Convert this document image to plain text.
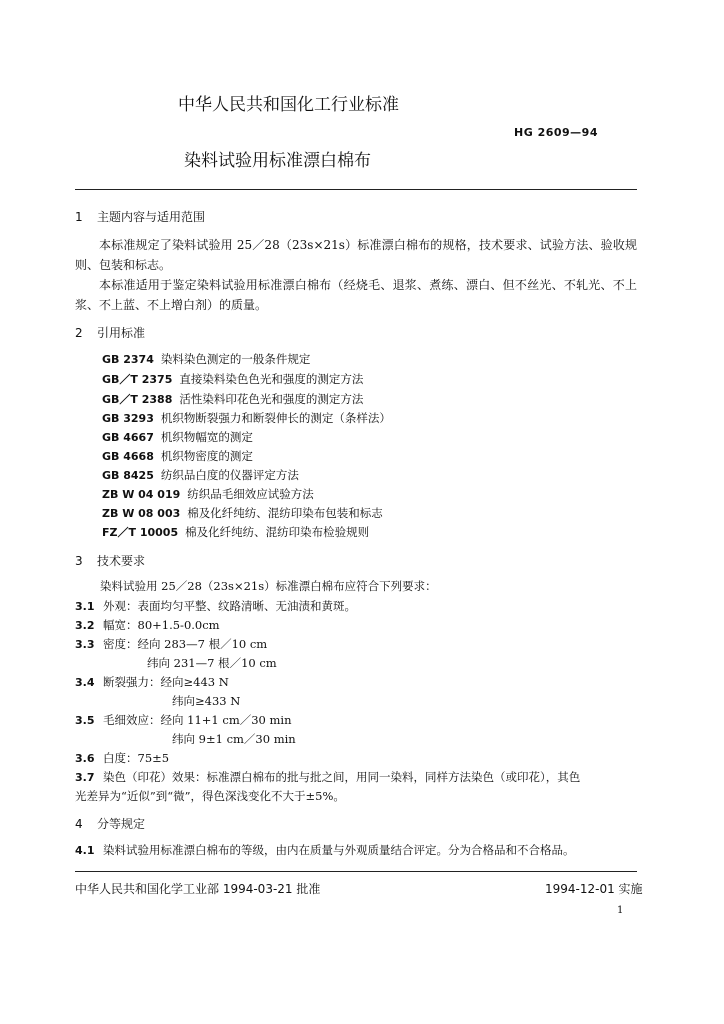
中华人民共和国化工行业标准
HG 2609—94
染料试验用标准漂白棉布
1 主题内容与适用范围
本标准规定了染料试验用 25／28（23s×21s）标准漂白棉布的规格，技术要求、试验方法、验收规则、包装和标志。
本标准适用于鉴定染料试验用标准漂白棉布（经烧毛、退浆、煮练、漂白、但不丝光、不轧光、不上浆、不上蓝、不上增白剂）的质量。
2 引用标准
GB 2374 染料染色测定的一般条件规定
GB／T 2375 直接染料染色色光和强度的测定方法
GB／T 2388 活性染料印花色光和强度的测定方法
GB 3293 机织物断裂强力和断裂伸长的测定（条样法）
GB 4667 机织物幅宽的测定
GB 4668 机织物密度的测定
GB 8425 纺织品白度的仪器评定方法
ZB W 04 019 纺织品毛细效应试验方法
ZB W 08 003 棉及化纤纯纺、混纺印染布包装和标志
FZ／T 10005 棉及化纤纯纺、混纺印染布检验规则
3 技术要求
染料试验用 25／28（23s×21s）标准漂白棉布应符合下列要求：
3.1 外观：表面均匀平整、纹路清晰、无油渍和黄斑。
3.2 幅宽：80+1.5-0.0cm
3.3 密度：经向 283—7 根／10 cm
纬向 231—7 根／10 cm
3.4 断裂强力：经向≥443 N
纬向≥433 N
3.5 毛细效应：经向 11+1 cm／30 min
纬向 9±1 cm／30 min
3.6 白度：75±5
3.7 染色（印花）效果：标准漂白棉布的批与批之间，用同一染料，同样方法染色（或印花），其色
光差异为“近似”到“微”，得色深浅变化不大于±5%。
4 分等规定
4.1 染料试验用标准漂白棉布的等级，由内在质量与外观质量结合评定。分为合格品和不合格品。
中华人民共和国化学工业部 1994-03-21 批准	1994-12-01 实施
1
